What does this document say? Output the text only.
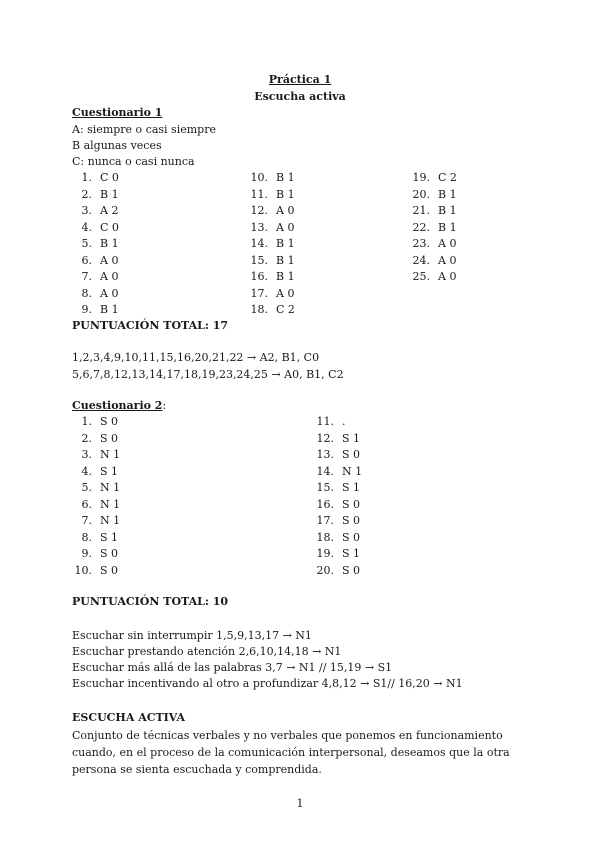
Práctica 1
Escucha activa
Cuestionario 1
A: siempre o casi siempre
B algunas veces
C: nunca o casi nunca
1. C 0
2. B 1
3. A 2
4. C 0
5. B 1
6. A 0
7. A 0
8. A 0
9. B 1
10. B 1
11. B 1
12. A 0
13. A 0
14. B 1
15. B 1
16. B 1
17. A 0
18. C 2
19. C 2
20. B 1
21. B 1
22. B 1
23. A 0
24. A 0
25. A 0
PUNTUACIÓN TOTAL: 17
1,2,3,4,9,10,11,15,16,20,21,22 → A2, B1, C0
5,6,7,8,12,13,14,17,18,19,23,24,25 → A0, B1, C2
Cuestionario 2:
1. S 0
2. S 0
3. N 1
4. S 1
5. N 1
6. N 1
7. N 1
8. S 1
9. S 0
10. S 0
11. .
12. S 1
13. S 0
14. N 1
15. S 1
16. S 0
17. S 0
18. S 0
19. S 1
20. S 0
PUNTUACIÓN TOTAL: 10
Escuchar sin interrumpir 1,5,9,13,17 → N1
Escuchar prestando atención 2,6,10,14,18 → N1
Escuchar más allá de las palabras 3,7 → N1 // 15,19 → S1
Escuchar incentivando al otro a profundizar 4,8,12 → S1// 16,20 → N1
ESCUCHA ACTIVA
Conjunto de técnicas verbales y no verbales que ponemos en funcionamiento cuando, en el proceso de la comunicación interpersonal, deseamos que la otra persona se sienta escuchada y comprendida.
1
